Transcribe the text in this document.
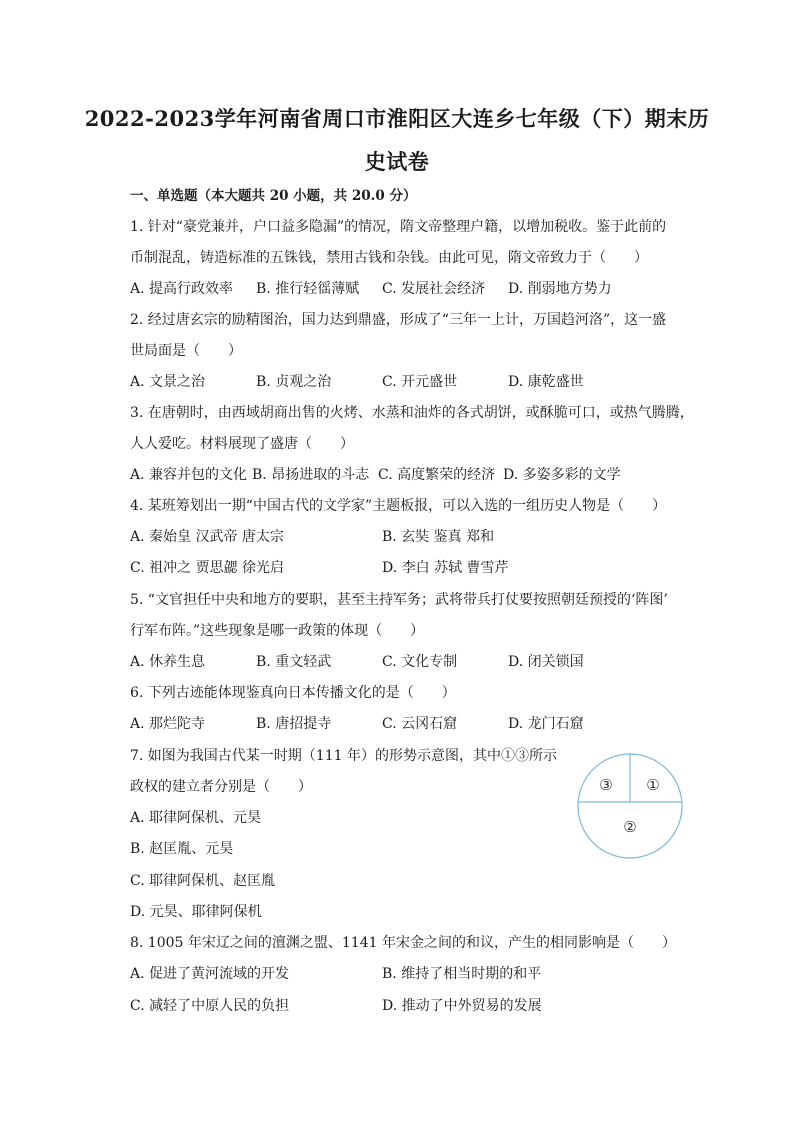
2022-2023学年河南省周口市淮阳区大连乡七年级（下）期末历
史试卷
一、单选题（本大题共 20 小题，共 20.0 分）
1. 针对“豪党兼并，户口益多隐漏”的情况，隋文帝整理户籍，以增加税收。鉴于此前的
币制混乱，铸造标准的五铢钱，禁用古钱和杂钱。由此可见，隋文帝致力于（　　）
A. 提高行政效率 B. 推行轻徭薄赋 C. 发展社会经济 D. 削弱地方势力
2. 经过唐玄宗的励精图治，国力达到鼎盛，形成了“三年一上计，万国趋河洛”，这一盛
世局面是（　　）
A. 文景之治	B. 贞观之治	C. 开元盛世	D. 康乾盛世
3. 在唐朝时，由西域胡商出售的火烤、水蒸和油炸的各式胡饼，或酥脆可口，或热气腾腾，
人人爱吃。材料展现了盛唐（　　）
A. 兼容并包的文化 B. 昂扬进取的斗志 C. 高度繁荣的经济 D. 多姿多彩的文学
4. 某班筹划出一期“中国古代的文学家”主题板报，可以入选的一组历史人物是（　　）
A. 秦始皇 汉武帝 唐太宗	B. 玄奘 鉴真 郑和
C. 祖冲之 贾思勰 徐光启	D. 李白 苏轼 曹雪芹
5. “文官担任中央和地方的要职，甚至主持军务；武将带兵打仗要按照朝廷预授的‘阵图’
行军布阵。”这些现象是哪一政策的体现（　　）
A. 休养生息	B. 重文轻武	C. 文化专制	D. 闭关锁国
6. 下列古迹能体现鉴真向日本传播文化的是（　　）
A. 那烂陀寺	B. 唐招提寺	C. 云冈石窟	D. 龙门石窟
7. 如图为我国古代某一时期（111 年）的形势示意图，其中①③所示
政权的建立者分别是（　　）
A. 耶律阿保机、元昊
B. 赵匡胤、元昊
C. 耶律阿保机、赵匡胤
D. 元昊、耶律阿保机
①
③
②
8. 1005 年宋辽之间的澶渊之盟、1141 年宋金之间的和议，产生的相同影响是（　　）
A. 促进了黄河流域的开发	B. 维持了相当时期的和平
C. 减轻了中原人民的负担	D. 推动了中外贸易的发展
